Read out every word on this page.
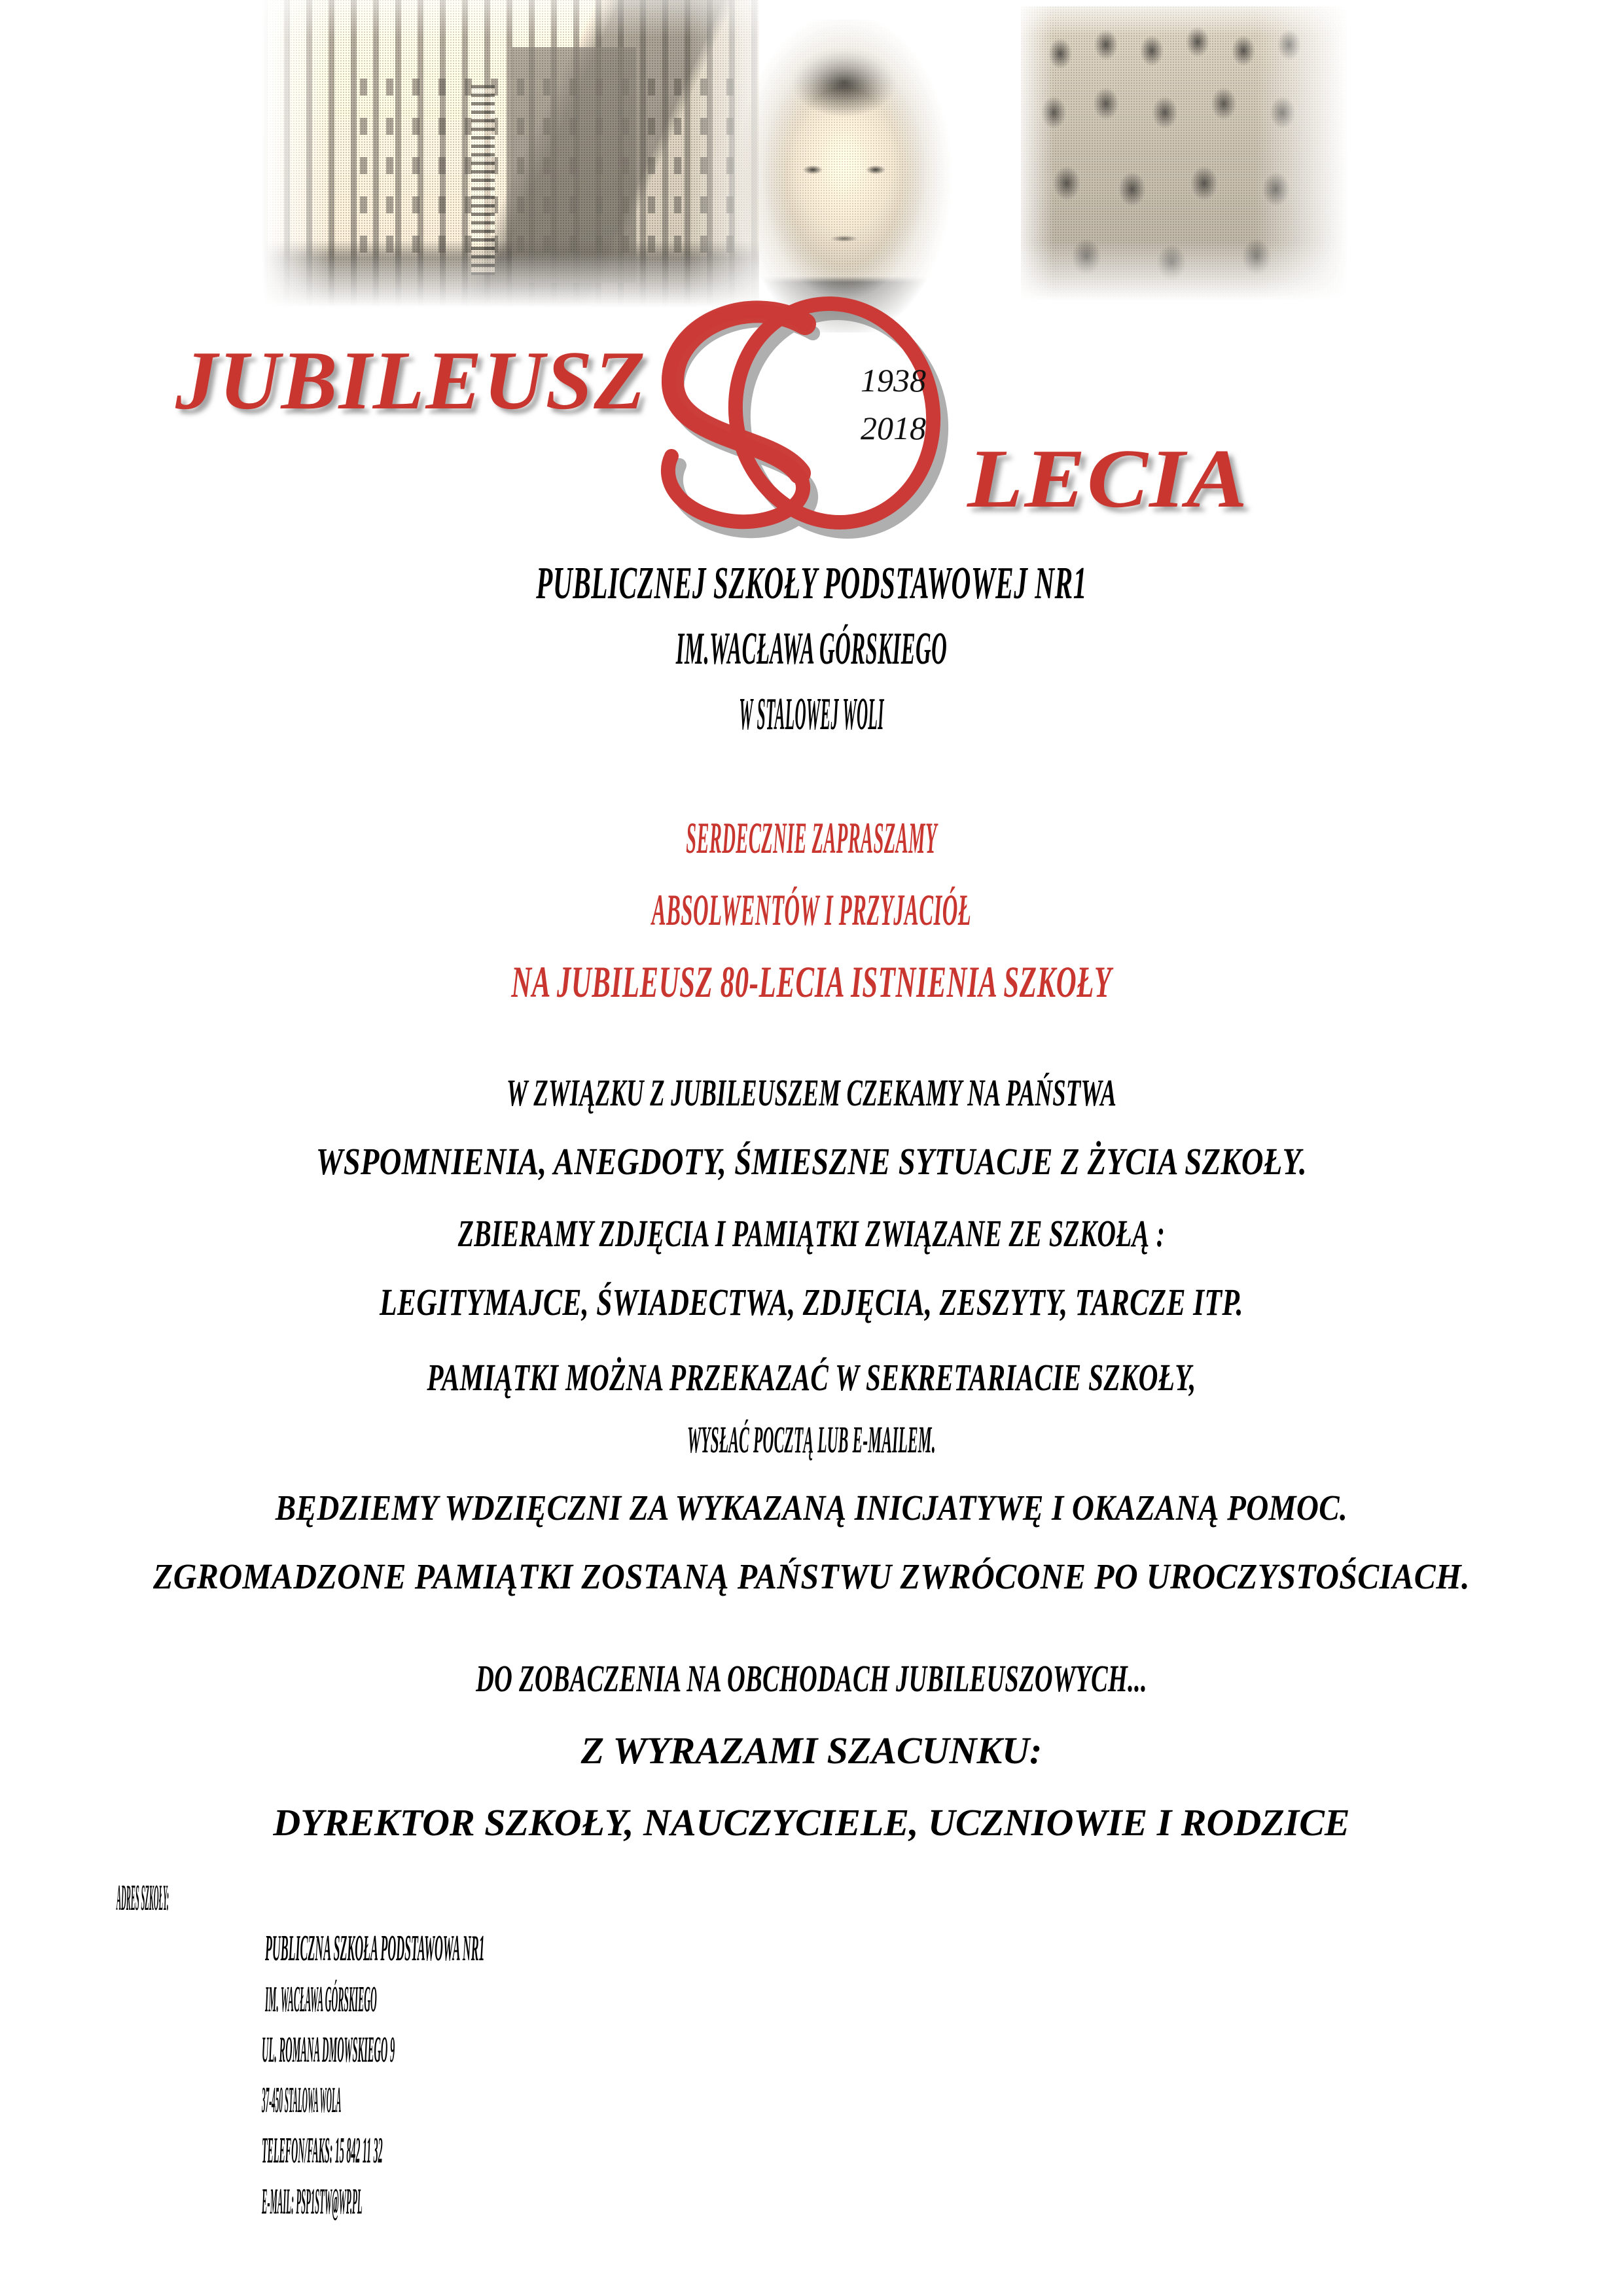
JUBILEUSZ	1938
2018
LECIA
PUBLICZNEJ SZKOŁY PODSTAWOWEJ NR1
IM.WACŁAWA GÓRSKIEGO
W STALOWEJ WOLI
SERDECZNIE ZAPRASZAMY
ABSOLWENTÓW I PRZYJACIÓŁ
NA JUBILEUSZ 80-LECIA ISTNIENIA SZKOŁY
W ZWIĄZKU Z JUBILEUSZEM CZEKAMY NA PAŃSTWA
WSPOMNIENIA, ANEGDOTY, ŚMIESZNE SYTUACJE Z ŻYCIA SZKOŁY.
ZBIERAMY ZDJĘCIA I PAMIĄTKI ZWIĄZANE ZE SZKOŁĄ :
LEGITYMAJCE, ŚWIADECTWA, ZDJĘCIA, ZESZYTY, TARCZE ITP.
PAMIĄTKI MOŻNA PRZEKAZAĆ W SEKRETARIACIE SZKOŁY,
WYSŁAĆ POCZTĄ LUB E-MAILEM.
BĘDZIEMY WDZIĘCZNI ZA WYKAZANĄ INICJATYWĘ I OKAZANĄ POMOC.
ZGROMADZONE PAMIĄTKI ZOSTANĄ PAŃSTWU ZWRÓCONE PO UROCZYSTOŚCIACH.
DO ZOBACZENIA NA OBCHODACH JUBILEUSZOWYCH...
Z WYRAZAMI SZACUNKU:
DYREKTOR SZKOŁY, NAUCZYCIELE, UCZNIOWIE I RODZICE
ADRES SZKOŁY:
PUBLICZNA SZKOŁA PODSTAWOWA NR1
IM. WACŁAWA GÓRSKIEGO
UL. ROMANA DMOWSKIEGO 9
37-450 STALOWA WOLA
TELEFON/FAKS: 15 842 11 32
E-MAIL: PSP1STW@WP.PL
